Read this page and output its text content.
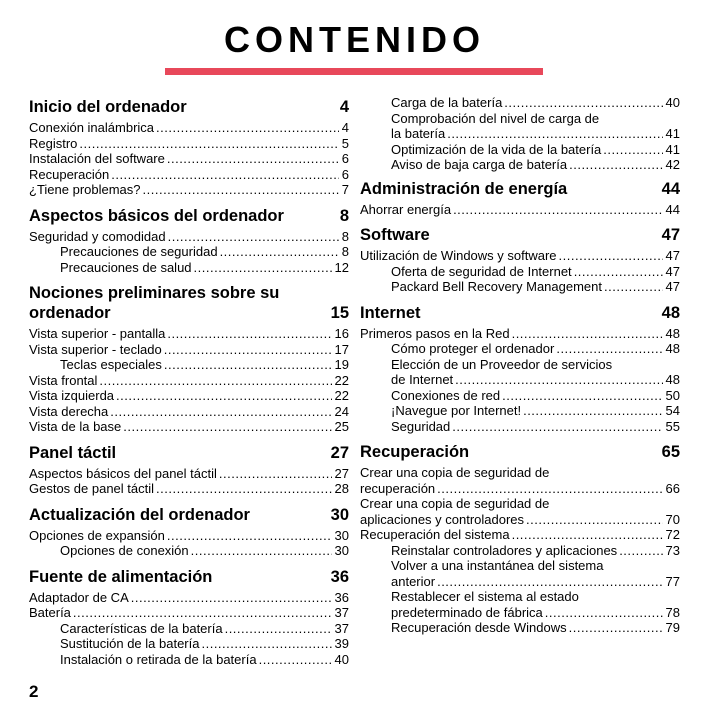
CONTENIDO
Inicio del ordenador	4
Conexión inalámbrica .....	4
Registro .....	5
Instalación del software .....	6
Recuperación .....	6
¿Tiene problemas? .....	7
Aspectos básicos del ordenador	8
Seguridad y comodidad .....	8
Precauciones de seguridad .....	8
Precauciones de salud .....	12
Nociones preliminares sobre su
ordenador	15
Vista superior - pantalla .....	16
Vista superior - teclado .....	17
Teclas especiales .....	19
Vista frontal .....	22
Vista izquierda .....	22
Vista derecha .....	24
Vista de la base .....	25
Panel táctil	27
Aspectos básicos del panel táctil .....	27
Gestos de panel táctil .....	28
Actualización del ordenador	30
Opciones de expansión .....	30
Opciones de conexión .....	30
Fuente de alimentación	36
Adaptador de CA .....	36
Batería .....	37
Características de la batería .....	37
Sustitución de la batería .....	39
Instalación o retirada de la batería .....	40
Carga de la batería .....	40
Comprobación del nivel de carga de
la batería .....	41
Optimización de la vida de la batería .....	41
Aviso de baja carga de batería .....	42
Administración de energía	44
Ahorrar energía .....	44
Software	47
Utilización de Windows y software .....	47
Oferta de seguridad de Internet .....	47
Packard Bell Recovery Management .....	47
Internet	48
Primeros pasos en la Red .....	48
Cómo proteger el ordenador .....	48
Elección de un Proveedor de servicios
de Internet .....	48
Conexiones de red .....	50
¡Navegue por Internet! .....	54
Seguridad .....	55
Recuperación	65
Crear una copia de seguridad de
recuperación .....	66
Crear una copia de seguridad de
aplicaciones y controladores .....	70
Recuperación del sistema .....	72
Reinstalar controladores y aplicaciones .....	73
Volver a una instantánea del sistema
anterior .....	77
Restablecer el sistema al estado
predeterminado de fábrica .....	78
Recuperación desde Windows .....	79
2
